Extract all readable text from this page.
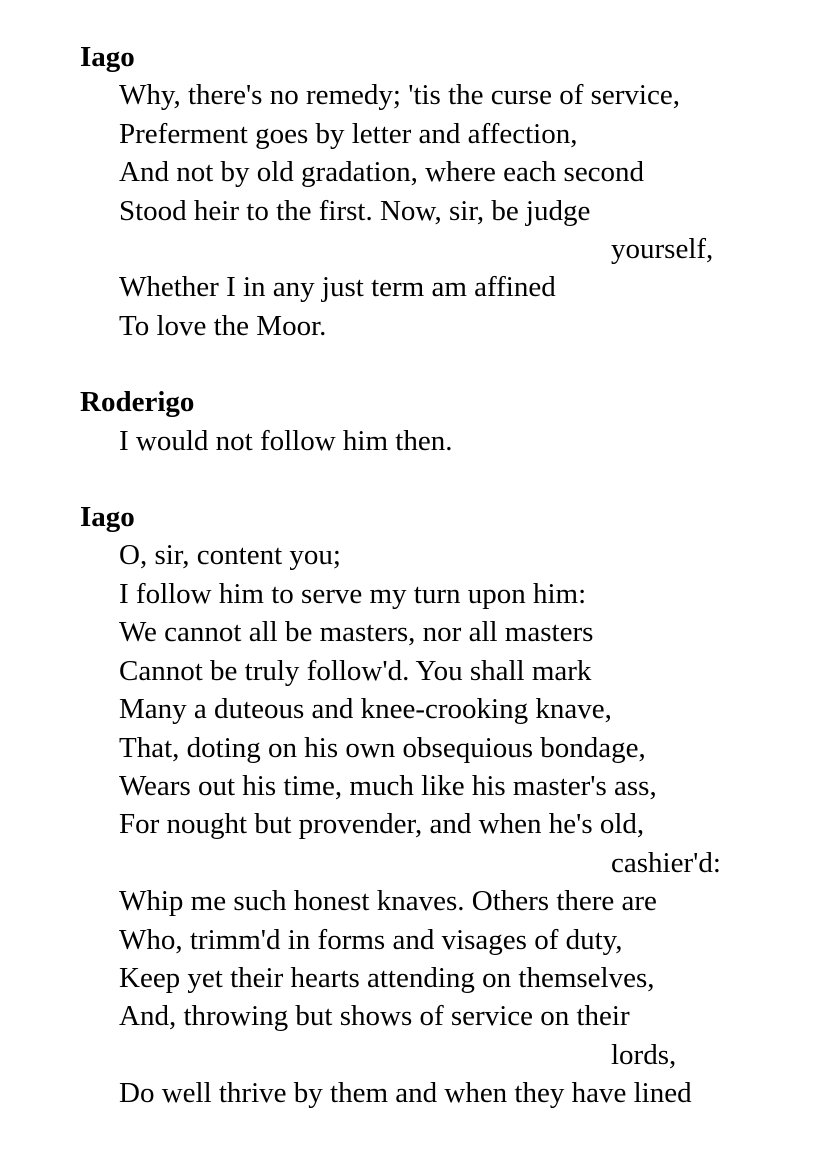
Iago
Why, there's no remedy; 'tis the curse of service,
Preferment goes by letter and affection,
And not by old gradation, where each second
Stood heir to the first. Now, sir, be judge
yourself,
Whether I in any just term am affined
To love the Moor.
Roderigo
I would not follow him then.
Iago
O, sir, content you;
I follow him to serve my turn upon him:
We cannot all be masters, nor all masters
Cannot be truly follow'd. You shall mark
Many a duteous and knee-crooking knave,
That, doting on his own obsequious bondage,
Wears out his time, much like his master's ass,
For nought but provender, and when he's old,
cashier'd:
Whip me such honest knaves. Others there are
Who, trimm'd in forms and visages of duty,
Keep yet their hearts attending on themselves,
And, throwing but shows of service on their
lords,
Do well thrive by them and when they have lined
